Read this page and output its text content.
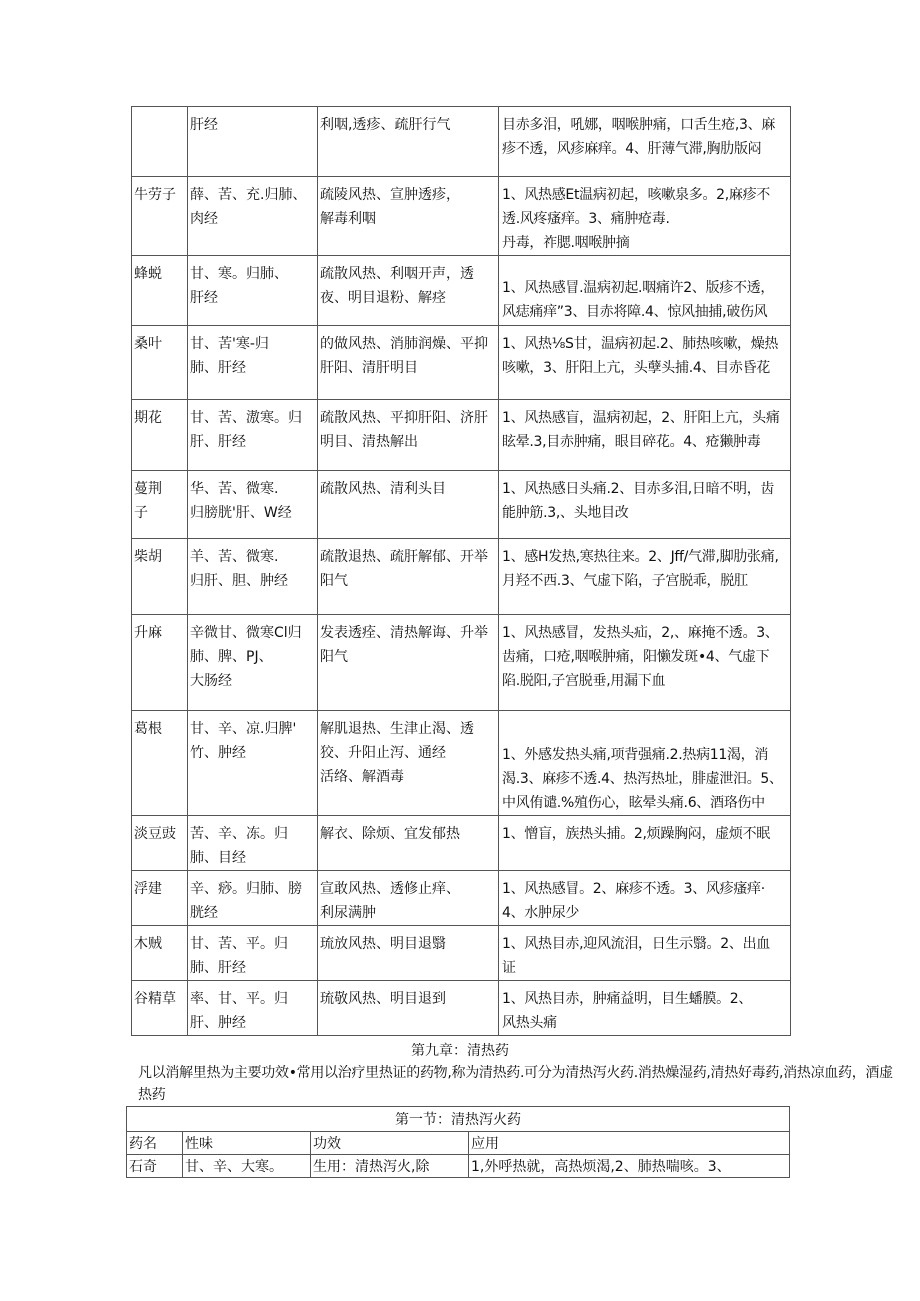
	肝经	利咽,透疹、疏肝行气	目赤多泪，吼娜，咽喉肿痛，口舌生疮,3、麻
疹不透，风疹麻痒。4、肝薄气滞,胸肋版闷
牛劳子	薛、苦、充.归肺、
肉经	疏陵风热、宣肿透疹，
解毒利咽	1、风热感Et温病初起，咳嗽泉多。2,麻疹不
透.风疼瘙痒。3、痛肿疮毒.
丹毒，祚腮.咽喉肿摘
蜂蜕	甘、寒。归肺、
肝经	疏散风热、利咽开声，透
夜、明目退粉、解痉	1、风热感冒.温病初起.咽痛许2、版疹不透，
风痣痛痒”3、目赤将障.4、惊风抽捕,破伤风
桑叶	甘、苦'寒-归
肺、肝经	的做风热、消肺润燥、平抑
肝阳、清肝明目	1、风热⅛S甘，温病初起.2、肺热咳嗽，燥热
咳嗽，3、肝阳上亢，头孽头捕.4、目赤昏花
期花	甘、苦、滶寒。归
肝、肝经	疏散风热、平抑肝阳、济肝
明目、清热解出	1、风热感盲，温病初起，2、肝阳上亢，头痛
眩晕.3,目赤肿痛，眼目碎花。4、疮獭肿毒
蔓荆
子	华、苦、微寒.
归膀胱'肝、W经	疏散风热、清利头目	1、风热感日头痛.2、目赤多泪,日暗不明，齿
能肿筋.3,、头地目改
柴胡	羊、苦、微寒.
归肝、胆、肿经	疏散退热、疏肝解郁、开举
阳气	1、感H发热,寒热往来。2、Jff/气滞,脚肋张痛,
月羟不西.3、气虚下陷，子宫脱乖，脱肛
升麻	辛微甘、微寒Cl归
肺、脾、PJ、
大肠经	发表透痊、清热解诲、升举
阳气	1、风热感冒，发热头疝，2,、麻掩不透。3、
齿痛，口疮,咽喉肿痛，阳懒发斑•4、气虚下
陷.脱阳,子宫脱垂,用漏下血
葛根	甘、辛、凉.归脾'
竹、肿经	解肌退热、生津止渴、透
狡、升阳止泻、通经
活络、解酒毒	1、外感发热头痛,项背强痛.2.热病11渴，消
渴.3、麻疹不透.4、热泻热址，腓虚泄汨。5、
中风侑谴.%殖伤心，眩晕头痛.6、酒珞伤中
淡豆豉	苦、辛、冻。归
肺、目经	解衣、除烦、宜发郁热	1、憎盲，族热头捕。2,烦躁胸闷，虚烦不眠
浮建	辛、痧。归肺、膀
胱经	宣敢风热、透修止痒、
利尿满肿	1、风热感冒。2、麻疹不透。3、风疹瘙痒·
4、水肿尿少
木贼	甘、苦、平。归
肺、肝经	琉放风热、明目退翳	1、风热目赤,迎风流泪，日生示翳。2、出血
证
谷精草	率、甘、平。归
肝、肿经	琉敬风热、明目退到	1、风热目赤，肿痛益明，目生蟠膜。2、
风热头痛
第九章：清热药
凡以消解里热为主要功效•常用以治疗里热证的药物,称为清热药.可分为清热泻火药.消热燥湿药,清热好毒药,消热凉血药，酒虚热药
第一节：清热泻火药			
药名	性味	功效	应用
石奇	甘、辛、大寒。	生用：清热泻火,除	1,外呼热就，高热烦渴,2、肺热喘咳。3、
